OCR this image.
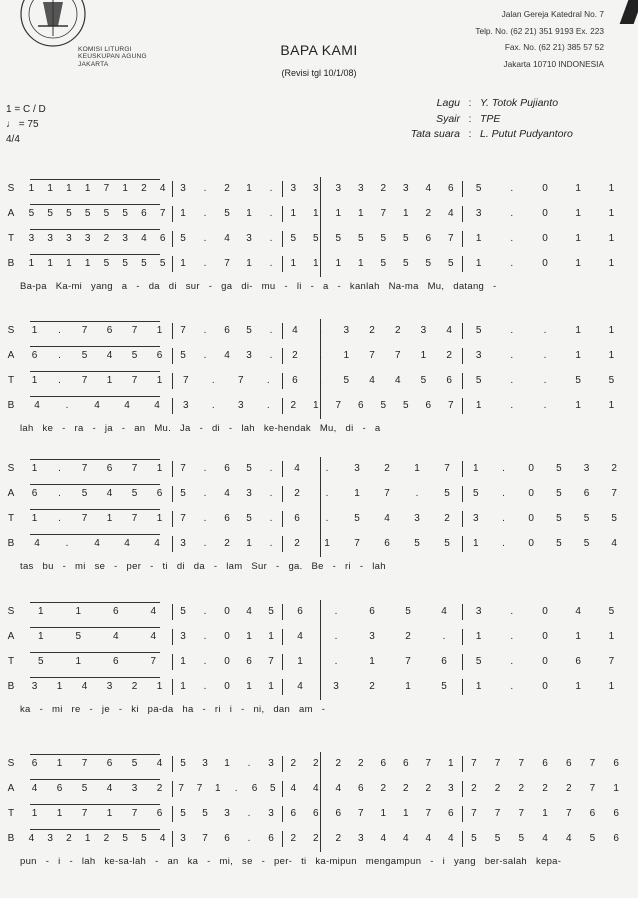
KOMISI LITURGI
KEUSKUPAN AGUNG
JAKARTA
Jalan Gereja Katedral No. 7
Telp. No. (62 21) 351 9193 Ex. 223
Fax. No. (62 21) 385 57 52
Jakarta 10710 INDONESIA
BAPA KAMI
(Revisi tgl 10/1/08)
1 = C / D
♩ = 75
4/4
Lagu : Y. Totok Pujianto
Syair : TPE
Tata suara : L. Putut Pudyantoro
S	1	1	1	1	7	1	2	4	3	.	2	1	.	3	3	3	3	2	3	4	6	5	.	0	1	1
A	5	5	5	5	5	5	6	7	1	.	5	1	.	1	1	1	1	7	1	2	4	3	.	0	1	1
T	3	3	3	3	2	3	4	6	5	.	4	3	.	5	5	5	5	5	5	6	7	1	.	0	1	1
B	1	1	1	1	5	5	5	5	1	.	7	1	.	1	1	1	1	5	5	5	5	1	.	0	1	1
Ba-pa Ka-mi yang a - da di sur - ga di- mu - li - a - kanlah Na-ma Mu, datang -
S	1	.	7	6	7	1	7	.	6	5	.	4	3	2	2	3	4	5	.	.	1	1
A	6	.	5	4	5	6	5	.	4	3	.	2	1	7	7	1	2	3	.	.	1	1
T	1	.	7	1	7	1	7	.	7	.	6	5	4	4	5	6	5	.	.	5	5
B	4	.	4	4	4	3	.	3	.	2	1	7	6	5	5	6	7	1	.	.	1	1
lah ke - ra - ja - an Mu. Ja - di - lah ke-hendak Mu, di - a
S	1	.	7	6	7	1	7	.	6	5	.	4	.	3	2	1	7	1	.	0	5	3	2
A	6	.	5	4	5	6	5	.	4	3	.	2	.	1	7	.	5	5	.	0	5	6	7
T	1	.	7	1	7	1	7	.	6	5	.	6	.	5	4	3	2	3	.	0	5	5	5
B	4	.	4	4	4	3	.	2	1	.	2	1	7	6	5	5	1	.	0	5	5	4
tas bu - mi se - per - ti di da - lam Sur - ga. Be - ri - lah
S	1	1	6	4	5	.	0	4	5	6	.	6	5	4	3	.	0	4	5
A	1	5	4	4	3	.	0	1	1	4	.	3	2	.	1	.	0	1	1
T	5	1	6	7	1	.	0	6	7	1	.	1	7	6	5	.	0	6	7
B	3	1	4	3	2	1	1	.	0	1	1	4	3	2	1	5	1	.	0	1	1
ka - mi re - je - ki pa-da ha - ri i - ni, dan am -
S	6	1	7	6	5	4	5	3	1	.	3	2	2	2	2	6	6	7	1	7	7	7	6	6	7	6
A	4	6	5	4	3	2	7	7	1	.	6	5	4	4	4	6	2	2	2	3	2	2	2	2	2	7	1
T	1	1	7	1	7	6	5	5	3	.	3	6	6	6	7	1	1	7	6	7	7	7	1	7	6	6
B	4	3	2	1	2	5	5	4	3	7	6	.	6	2	2	2	3	4	4	4	4	5	5	5	4	4	5	6
pun - i - lah ke-sa-lah - an ka - mi, se - per- ti ka-mipun mengampun - i yang ber-salah kepa-
